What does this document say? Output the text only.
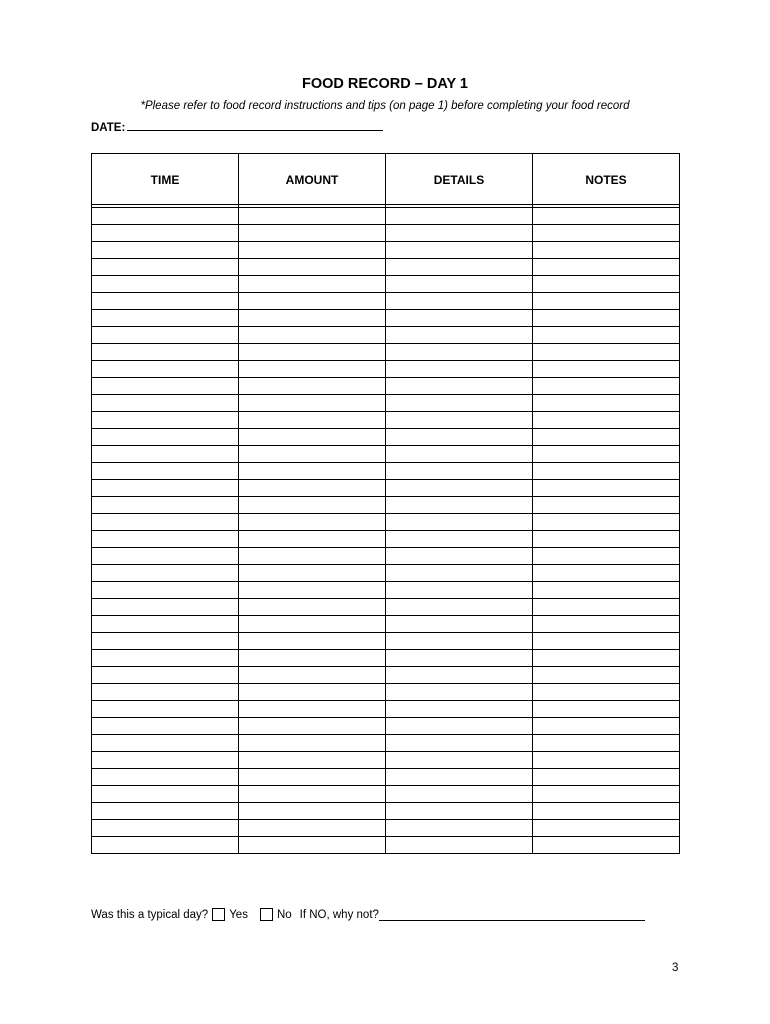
FOOD RECORD – DAY 1
*Please refer to food record instructions and tips (on page 1) before completing your food record
DATE:
TIME	AMOUNT	DETAILS	NOTES

Was this a typical day? Yes	No If NO, why not?
3
